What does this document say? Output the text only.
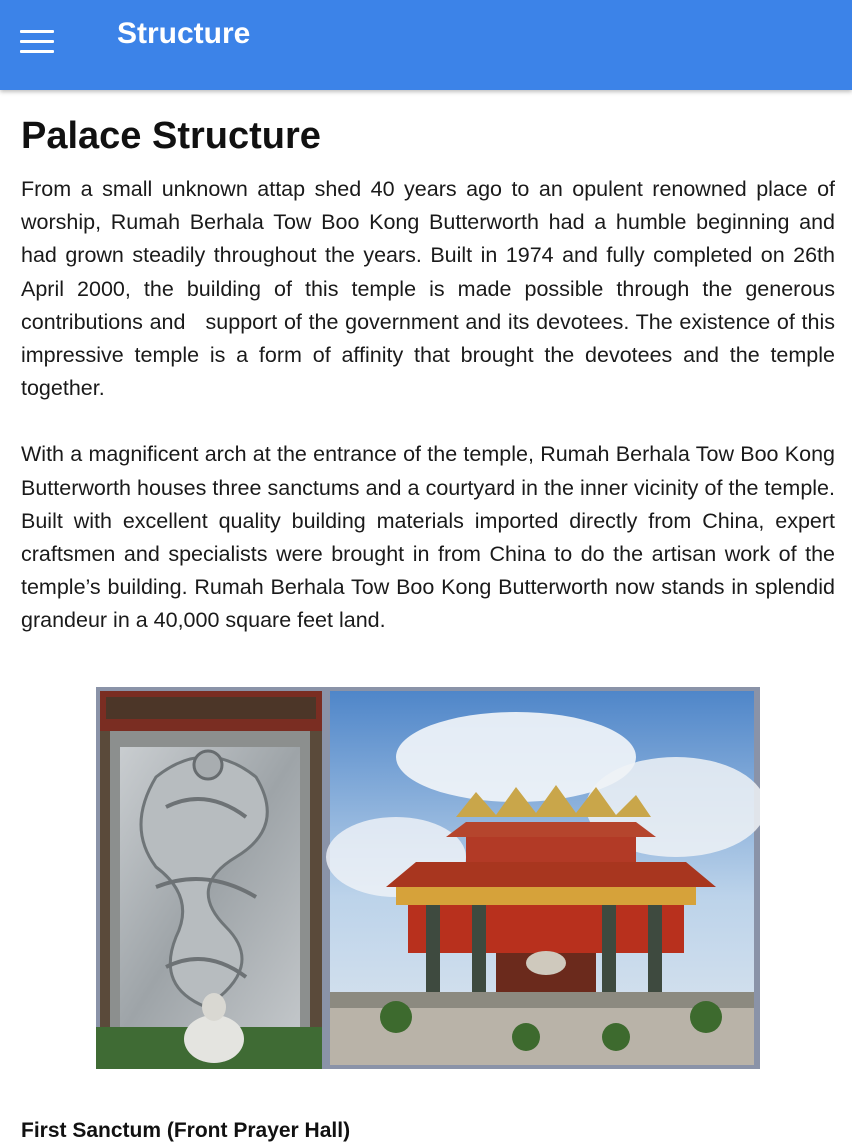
Structure
Palace Structure

From a small unknown attap shed 40 years ago to an opulent renowned place of worship, Rumah Berhala Tow Boo Kong Butterworth had a humble beginning and had grown steadily throughout the years. Built in 1974 and fully completed on 26th April 2000, the building of this temple is made possible through the generous contributions and   support of the government and its devotees. The existence of this impressive temple is a form of affinity that brought the devotees and the temple together.

With a magnificent arch at the entrance of the temple, Rumah Berhala Tow Boo Kong Butterworth houses three sanctums and a courtyard in the inner vicinity of the temple. Built with excellent quality building materials imported directly from China, expert craftsmen and specialists were brought in from China to do the artisan work of the temple’s building. Rumah Berhala Tow Boo Kong Butterworth now stands in splendid grandeur in a 40,000 square feet land.

First Sanctum (Front Prayer Hall)
